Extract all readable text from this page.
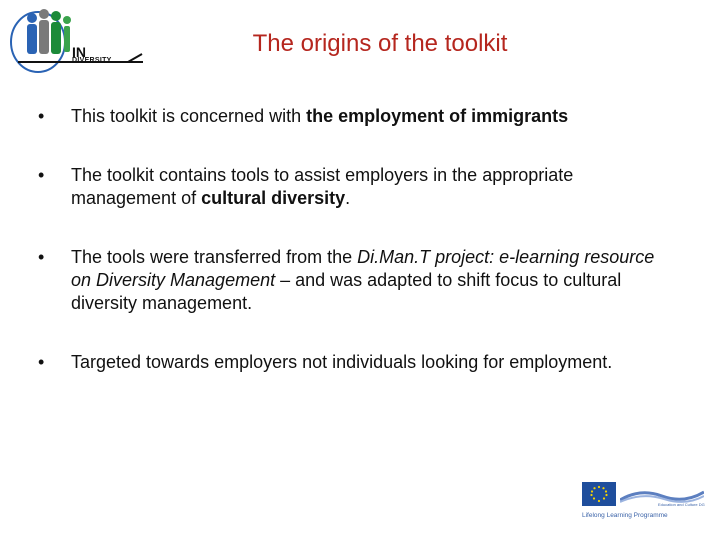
IN
DIVERSITY
The origins of the toolkit
•	This toolkit is concerned with the employment of immigrants
•	The toolkit contains tools to assist employers in the appropriate management of cultural diversity.
•	The tools were transferred from the Di.Man.T project: e-learning resource on Diversity Management – and was adapted to shift focus to cultural diversity management.
•	Targeted towards employers not individuals looking for employment.
Education and Culture DG
Lifelong Learning Programme
